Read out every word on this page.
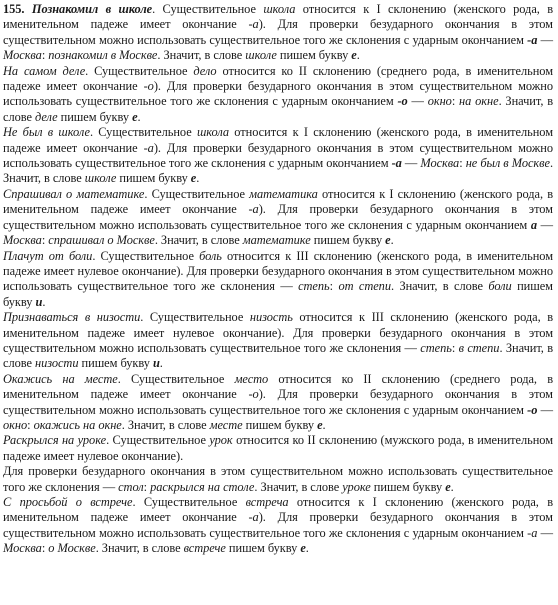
155. Познакомил в школе. Существительное школа относится к I склонению (женского рода, в именительном падеже имеет окончание -а). Для проверки безударного окончания в этом существительном можно использовать существительное того же склонения с ударным окончанием -а — Москва: познакомил в Москве. Значит, в слове школе пишем букву е.

На самом деле. Существительное дело относится ко II склонению (среднего рода, в именительном падеже имеет окончание -о). Для проверки безударного окончания в этом существительном можно использовать существительное того же склонения с ударным окончанием -о — окно: на окне. Значит, в слове деле пишем букву е.

Не был в школе. Существительное школа относится к I склонению (женского рода, в именительном падеже имеет окончание -а). Для проверки безударного окончания в этом существительном можно использовать существительное того же склонения с ударным окончанием -а — Москва: не был в Москве. Значит, в слове школе пишем букву е.

Спрашивал о математике. Существительное математика относится к I склонению (женского рода, в именительном падеже имеет окончание -а). Для проверки безударного окончания в этом существительном можно использовать существительное того же склонения с ударным окончанием а — Москва: спрашивал о Москве. Значит, в слове математике пишем букву е.

Плачут от боли. Существительное боль относится к III склонению (женского рода, в именительном падеже имеет нулевое окончание). Для проверки безударного окончания в этом существительном можно использовать существительное того же склонения — степь: от степи. Значит, в слове боли пишем букву и.

Признаваться в низости. Существительное низость относится к III склонению (женского рода, в именительном падеже имеет нулевое окончание). Для проверки безударного окончания в этом существительном можно использовать существительное того же склонения — степь: в степи. Значит, в слове низости пишем букву и.

Окажись на месте. Существительное место относится ко II склонению (среднего рода, в именительном падеже имеет окончание -о). Для проверки безударного окончания в этом существительном можно использовать существительное того же склонения с ударным окончанием -о — окно: окажись на окне. Значит, в слове месте пишем букву е.

Раскрылся на уроке. Существительное урок относится ко II склонению (мужского рода, в именительном падеже имеет нулевое окончание).

Для проверки безударного окончания в этом существительном можно использовать существительное того же склонения — стол: раскрылся на столе. Значит, в слове уроке пишем букву е.

С просьбой о встрече. Существительное встреча относится к I склонению (женского рода, в именительном падеже имеет окончание -а). Для проверки безударного окончания в этом существительном можно использовать существительное того же склонения с ударным окончанием -а — Москва: о Москве. Значит, в слове встрече пишем букву е.
